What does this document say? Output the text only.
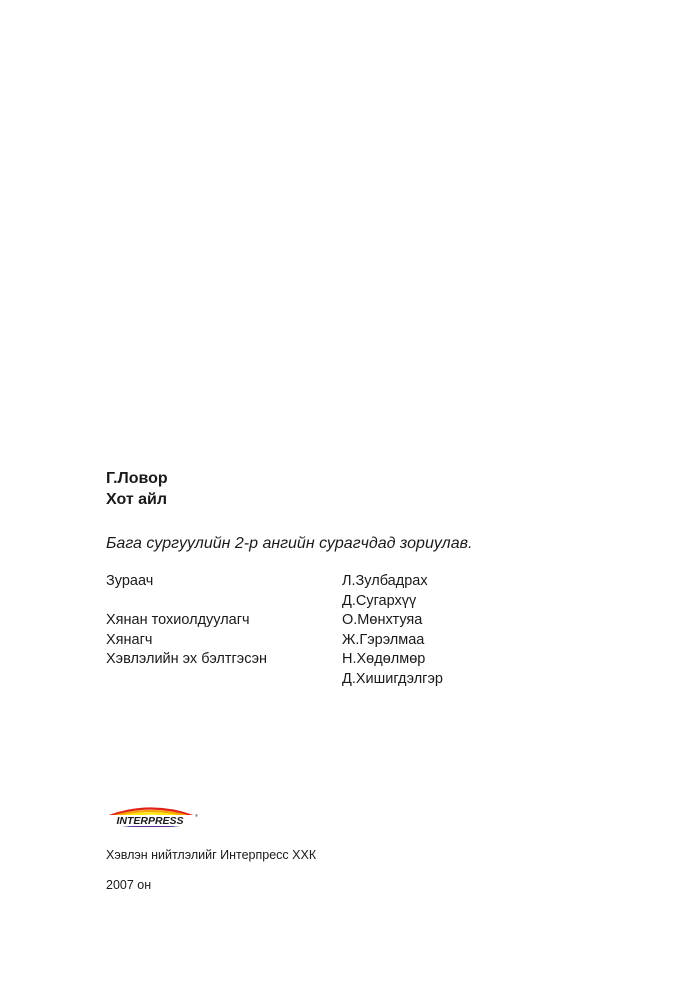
Г.Ловор
Хот айл
Бага сургуулийн 2-р ангийн сурагчдад зориулав.
Зураач	Л.Зулбадрах
Д.Сугархүү
Хянан тохиолдуулагч	О.Мөнхтуяа
Хянагч	Ж.Гэрэлмаа
Хэвлэлийн эх бэлтгэсэн	Н.Хөдөлмөр
Д.Хишигдэлгэр
INTERPRESS	®
Хэвлэн нийтлэлийг Интерпресс ХХК
2007 он
